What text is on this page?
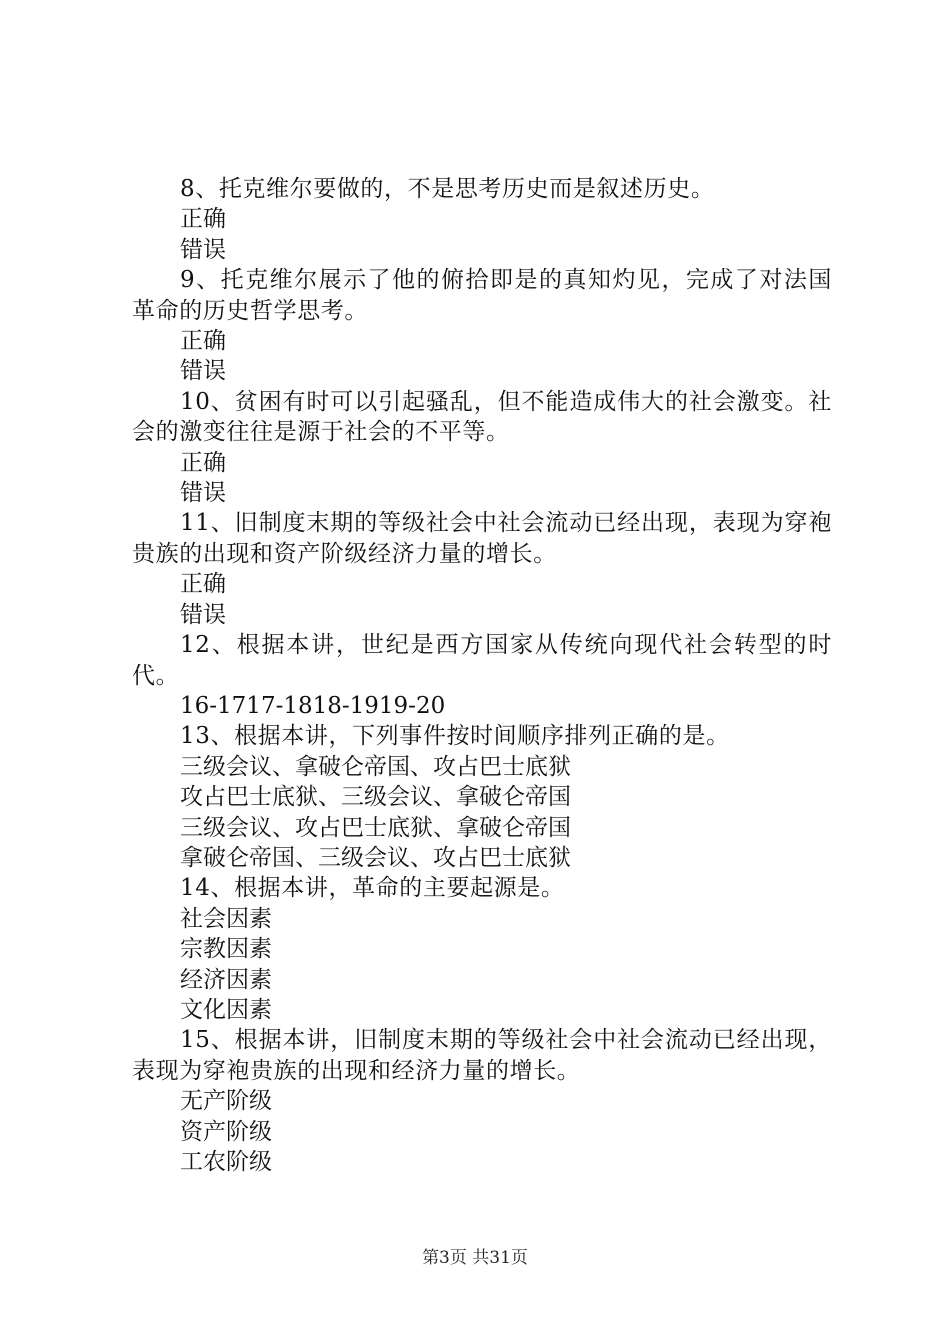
8、托克维尔要做的，不是思考历史而是叙述历史。
正确
错误
9、托克维尔展示了他的俯拾即是的真知灼见，完成了对法国革命的历史哲学思考。
正确
错误
10、贫困有时可以引起骚乱，但不能造成伟大的社会激变。社会的激变往往是源于社会的不平等。
正确
错误
11、旧制度末期的等级社会中社会流动已经出现，表现为穿袍贵族的出现和资产阶级经济力量的增长。
正确
错误
12、根据本讲，世纪是西方国家从传统向现代社会转型的时代。
16-1717-1818-1919-20
13、根据本讲，下列事件按时间顺序排列正确的是。
三级会议、拿破仑帝国、攻占巴士底狱
攻占巴士底狱、三级会议、拿破仑帝国
三级会议、攻占巴士底狱、拿破仑帝国
拿破仑帝国、三级会议、攻占巴士底狱
14、根据本讲，革命的主要起源是。
社会因素
宗教因素
经济因素
文化因素
15、根据本讲，旧制度末期的等级社会中社会流动已经出现，表现为穿袍贵族的出现和经济力量的增长。
无产阶级
资产阶级
工农阶级
第3页 共31页
